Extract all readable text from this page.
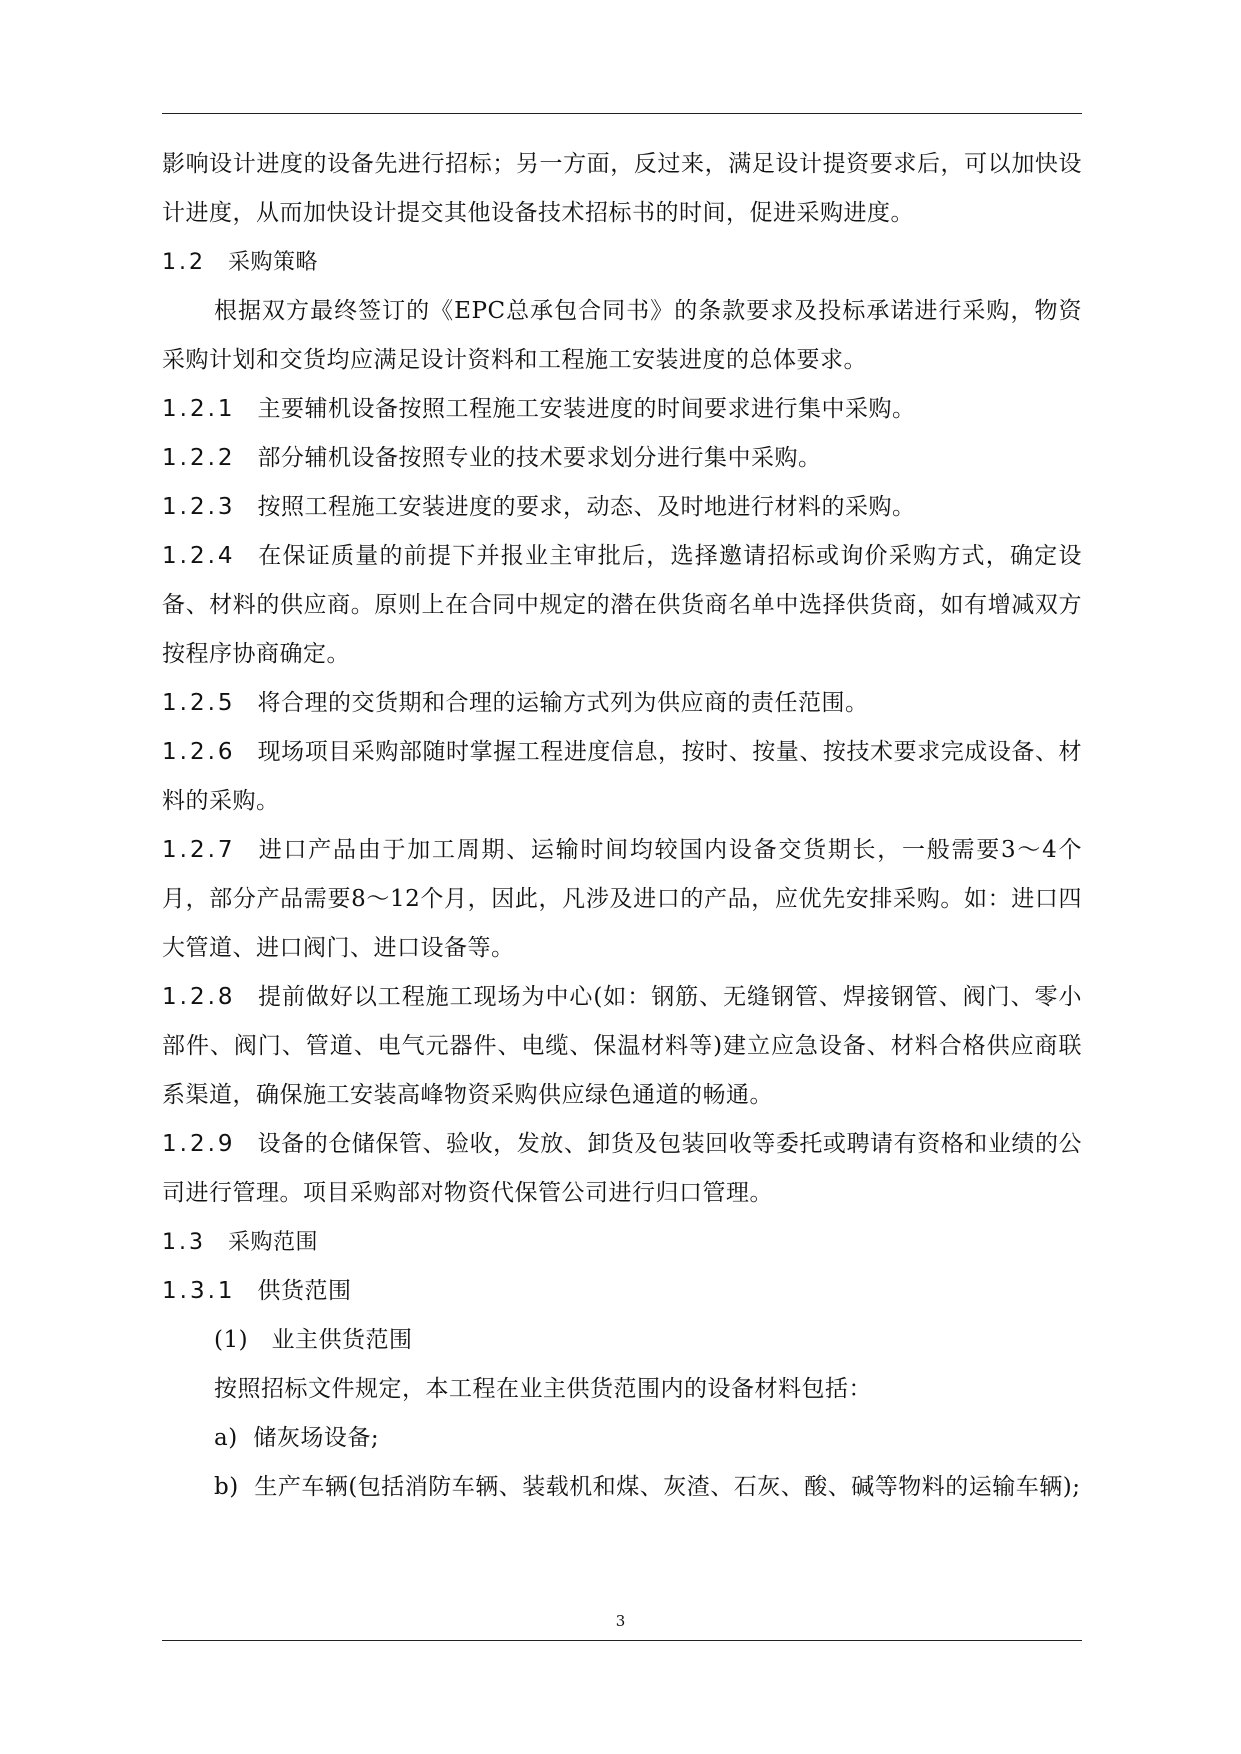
影响设计进度的设备先进行招标；另一方面，反过来，满足设计提资要求后，可以加快设计进度，从而加快设计提交其他设备技术招标书的时间，促进采购进度。

1.2 采购策略

根据双方最终签订的《EPC总承包合同书》的条款要求及投标承诺进行采购，物资采购计划和交货均应满足设计资料和工程施工安装进度的总体要求。

1.2.1 主要辅机设备按照工程施工安装进度的时间要求进行集中采购。

1.2.2 部分辅机设备按照专业的技术要求划分进行集中采购。

1.2.3 按照工程施工安装进度的要求，动态、及时地进行材料的采购。

1.2.4 在保证质量的前提下并报业主审批后，选择邀请招标或询价采购方式，确定设备、材料的供应商。原则上在合同中规定的潜在供货商名单中选择供货商，如有增减双方按程序协商确定。

1.2.5 将合理的交货期和合理的运输方式列为供应商的责任范围。

1.2.6 现场项目采购部随时掌握工程进度信息，按时、按量、按技术要求完成设备、材料的采购。

1.2.7 进口产品由于加工周期、运输时间均较国内设备交货期长，一般需要3～4个月，部分产品需要8～12个月，因此，凡涉及进口的产品，应优先安排采购。如：进口四大管道、进口阀门、进口设备等。

1.2.8 提前做好以工程施工现场为中心(如：钢筋、无缝钢管、焊接钢管、阀门、零小部件、阀门、管道、电气元器件、电缆、保温材料等)建立应急设备、材料合格供应商联系渠道，确保施工安装高峰物资采购供应绿色通道的畅通。

1.2.9 设备的仓储保管、验收，发放、卸货及包装回收等委托或聘请有资格和业绩的公司进行管理。项目采购部对物资代保管公司进行归口管理。

1.3 采购范围

1.3.1 供货范围

(1) 业主供货范围

按照招标文件规定，本工程在业主供货范围内的设备材料包括：

a) 储灰场设备;

b) 生产车辆(包括消防车辆、装载机和煤、灰渣、石灰、酸、碱等物料的运输车辆);

3
